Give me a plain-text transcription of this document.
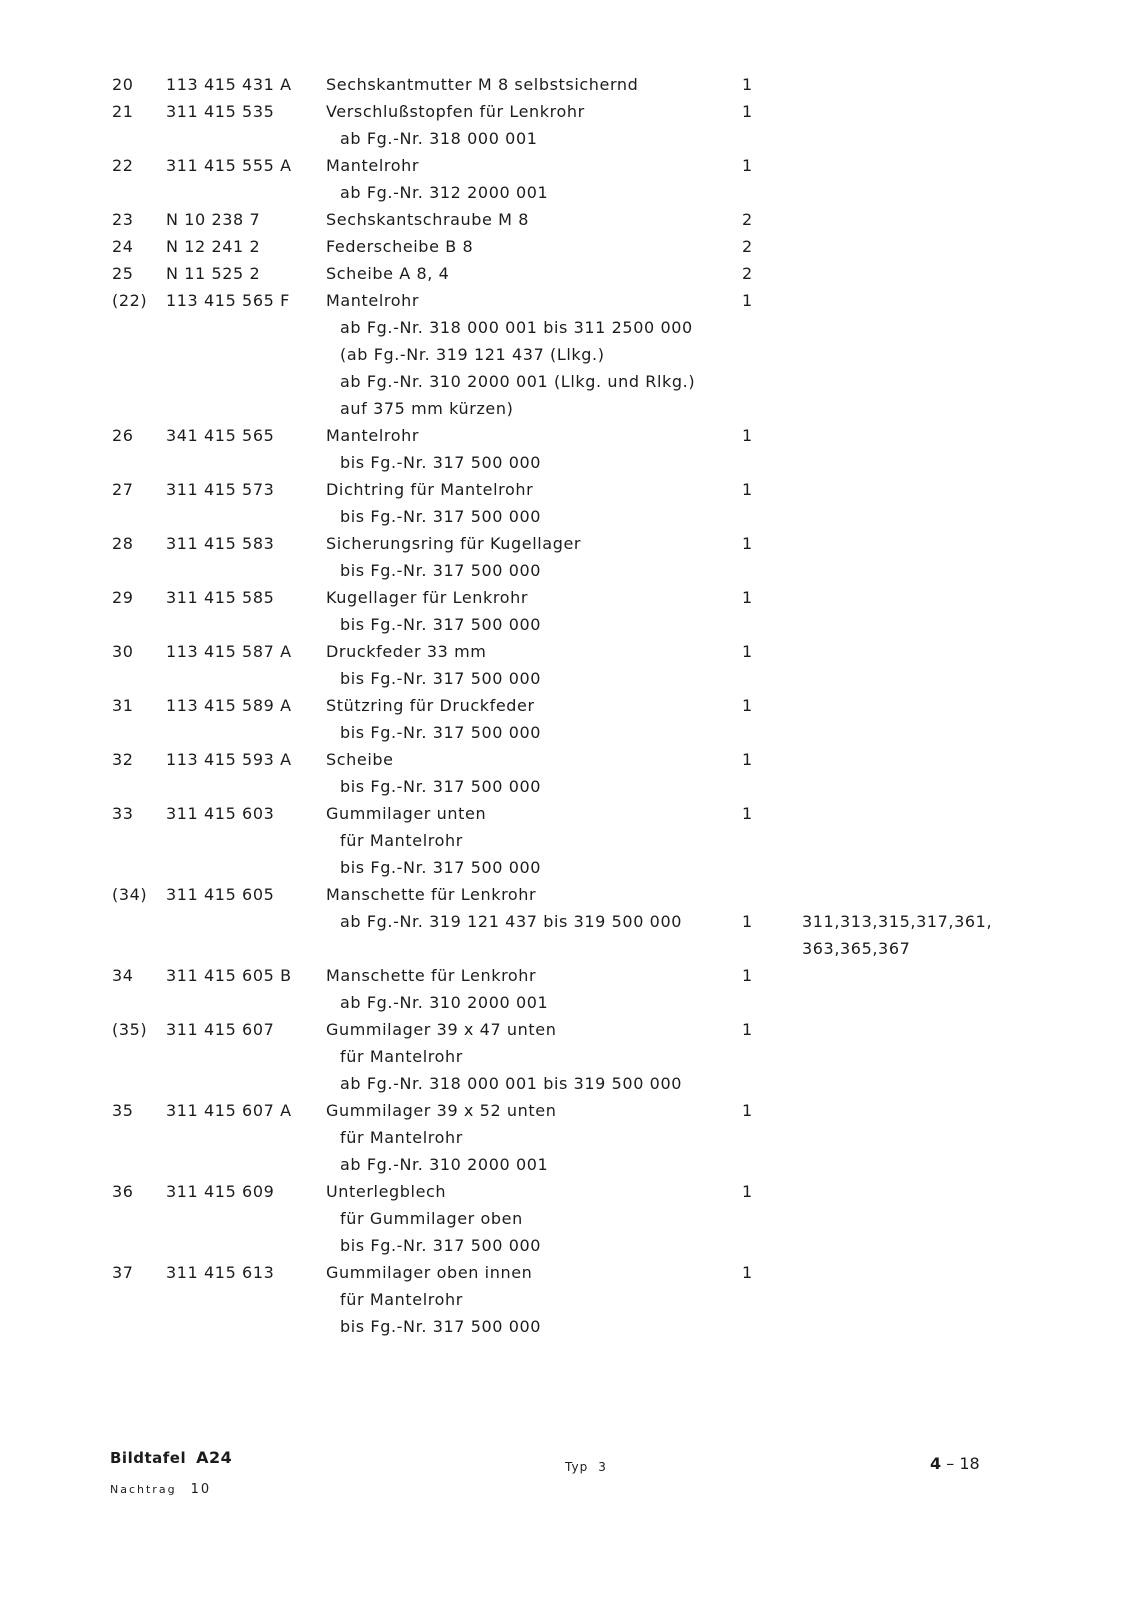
20	113 415 431 A	Sechskantmutter M 8 selbstsichernd	1
21	311 415 535	Verschlußstopfen für Lenkrohr	1
ab Fg.-Nr. 318 000 001
22	311 415 555 A	Mantelrohr	1
ab Fg.-Nr. 312 2000 001
23	N 10 238 7	Sechskantschraube M 8	2
24	N 12 241 2	Federscheibe B 8	2
25	N 11 525 2	Scheibe A 8, 4	2
(22)	113 415 565 F	Mantelrohr	1
ab Fg.-Nr. 318 000 001 bis 311 2500 000
(ab Fg.-Nr. 319 121 437 (Llkg.)
ab Fg.-Nr. 310 2000 001 (Llkg. und Rlkg.)
auf 375 mm kürzen)
26	341 415 565	Mantelrohr	1
bis Fg.-Nr. 317 500 000
27	311 415 573	Dichtring für Mantelrohr	1
bis Fg.-Nr. 317 500 000
28	311 415 583	Sicherungsring für Kugellager	1
bis Fg.-Nr. 317 500 000
29	311 415 585	Kugellager für Lenkrohr	1
bis Fg.-Nr. 317 500 000
30	113 415 587 A	Druckfeder 33 mm	1
bis Fg.-Nr. 317 500 000
31	113 415 589 A	Stützring für Druckfeder	1
bis Fg.-Nr. 317 500 000
32	113 415 593 A	Scheibe	1
bis Fg.-Nr. 317 500 000
33	311 415 603	Gummilager unten	1
für Mantelrohr
bis Fg.-Nr. 317 500 000
(34)	311 415 605	Manschette für Lenkrohr
ab Fg.-Nr. 319 121 437 bis 319 500 000	1	311,313,315,317,361,
363,365,367
34	311 415 605 B	Manschette für Lenkrohr	1
ab Fg.-Nr. 310 2000 001
(35)	311 415 607	Gummilager 39 x 47 unten	1
für Mantelrohr
ab Fg.-Nr. 318 000 001 bis 319 500 000
35	311 415 607 A	Gummilager 39 x 52 unten	1
für Mantelrohr
ab Fg.-Nr. 310 2000 001
36	311 415 609	Unterlegblech	1
für Gummilager oben
bis Fg.-Nr. 317 500 000
37	311 415 613	Gummilager oben innen	1
für Mantelrohr
bis Fg.-Nr. 317 500 000
Bildtafel A24
Nachtrag 10
Typ 3	4 – 18
